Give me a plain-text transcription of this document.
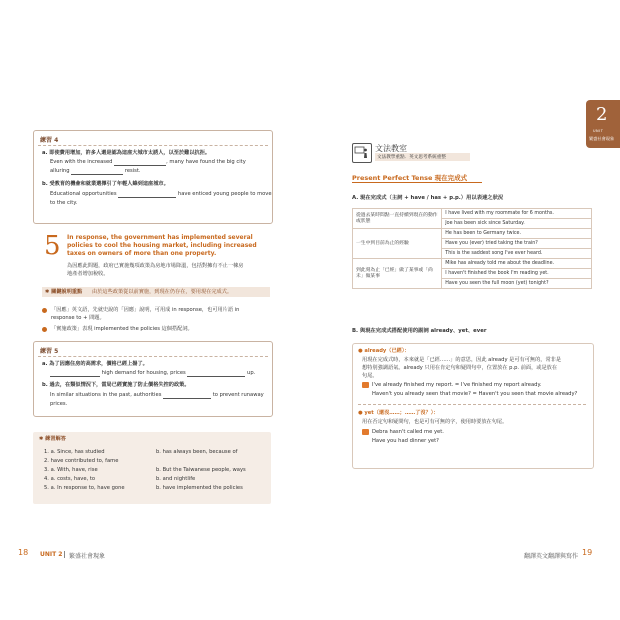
練習 4
a. 即使費用增加，許多人還是認為這座大城市太誘人，以至於難以抗拒。
Even with the increased	, many have found the big city
alluring	resist.
b. 受教育的機會和就業選擇引了年輕人蜂到這座城市。
Educational opportunities	have enticed young people to move
to the city.
5 In response, the government has implemented several
policies to cool the housing market, including increased
taxes on owners of more than one property.
為因應此問題，政府已實施幾項政策為房地市場降溫，包括對擁有不止一棟房
地產者增加稅收。
✱ 關鍵說明重點 由於這些政策從以前實施，到現在仍存在，要用現在完成式。
「因應」英文語，先就史說的「因應」說明，可用成 in response，也可用片語 in
response to + 問題。
「實施政策」表現 implemented the policies 這個搭配詞。
練習 5
a. 為了因應住房的高需求，價格已經上揚了。
high demand for housing, prices	up.
b. 過去，在類似情況下，當局已經實施了防止價格失控的政策。
In similar situations in the past, authorities	to prevent runaway
prices.
✱ 練習解答
1. a. Since, has studied	b. has always been, because of
2. have contributed to, fame
3. a. With, have, rise	b. But the Taiwanese people, ways
4. a. costs, have, to	b. and nightlife
5. a. In response to, have gone	b. have implemented the policies
18 UNIT 2 繁盛社會現象
2
UNIT
繁盛社會現象
文法教室
文法教學重點．英文思考系統重整
Present Perfect Tense 現在完成式
A. 現在完成式（主詞 + have / has + p.p.）用以表達之狀況
從過去某時間點一直持續到現在的動作或狀態	I have lived with my roommate for 6 months.
	Joe has been sick since Saturday.
一生中到目前為止的經驗	He has been to Germany twice.
	Have you (ever) tried taking the train?
	This is the saddest song I've ever heard.
到此刻為止「已經」做了某事或「尚未」做某事	Mike has already told me about the deadline.
	I haven't finished the book I'm reading yet.
	Have you seen the full moon (yet) tonight?
B. 與現在完成式搭配使用的副詞 already、yet、ever
● already（已經）：
用現在完成式時，本來就是「已經……」的意思，因此 already 是可有可無的，常非是
想特別強調語氣。already 只用在肯定句和疑問句中，位置放在 p.p. 前面，或是放在
句尾。
I've already finished my report. = I've finished my report already.
Haven't you already seen that movie? = Haven't you seen that movie already?
● yet（還沒……；……了沒？）：
用在否定句和疑問句，也是可有可無的字，使用時要放在句尾。
Debra hasn't called me yet.
Have you had dinner yet?
翻譯英文翻譯與寫作 19
